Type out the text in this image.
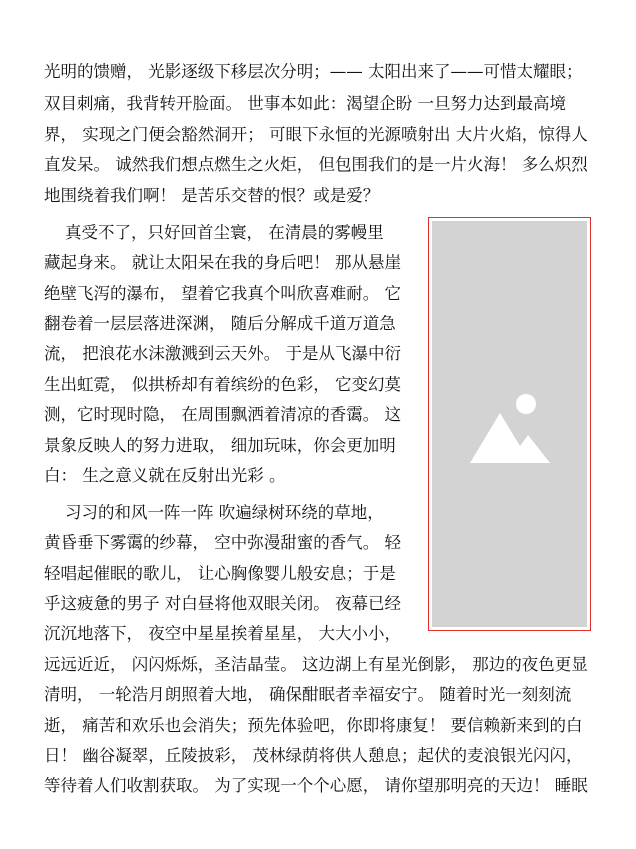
光明的馈赠， 光影逐级下移层次分明；—— 太阳出来了——可惜太耀眼；
双目刺痛，我背转开脸面。 世事本如此：渴望企盼 一旦努力达到最高境
界， 实现之门便会豁然洞开； 可眼下永恒的光源喷射出 大片火焰，惊得人
直发呆。 诚然我们想点燃生之火炬， 但包围我们的是一片火海！ 多么炽烈
地围绕着我们啊！ 是苦乐交替的恨？或是爱？
真受不了，只好回首尘寰， 在清晨的雾幔里
藏起身来。 就让太阳呆在我的身后吧！ 那从悬崖
绝壁飞泻的瀑布， 望着它我真个叫欣喜难耐。 它
翻卷着一层层落进深渊， 随后分解成千道万道急
流， 把浪花水沫激溅到云天外。 于是从飞瀑中衍
生出虹霓， 似拱桥却有着缤纷的色彩， 它变幻莫
测，它时现时隐， 在周围飘洒着清凉的香霭。 这
景象反映人的努力进取， 细加玩味，你会更加明
白： 生之意义就在反射出光彩 。
习习的和风一阵一阵 吹遍绿树环绕的草地，
黄昏垂下雾霭的纱幕， 空中弥漫甜蜜的香气。 轻
轻唱起催眠的歌儿， 让心胸像婴儿般安息；于是
乎这疲惫的男子 对白昼将他双眼关闭。 夜幕已经
沉沉地落下， 夜空中星星挨着星星， 大大小小，
远远近近， 闪闪烁烁，圣洁晶莹。 这边湖上有星光倒影， 那边的夜色更显
清明， 一轮浩月朗照着大地， 确保酣眠者幸福安宁。 随着时光一刻刻流
逝， 痛苦和欢乐也会消失；预先体验吧，你即将康复！ 要信赖新来到的白
日！ 幽谷凝翠，丘陵披彩， 茂林绿荫将供人憩息；起伏的麦浪银光闪闪，
等待着人们收割获取。 为了实现一个个心愿， 请你望那明亮的天边！ 睡眠
